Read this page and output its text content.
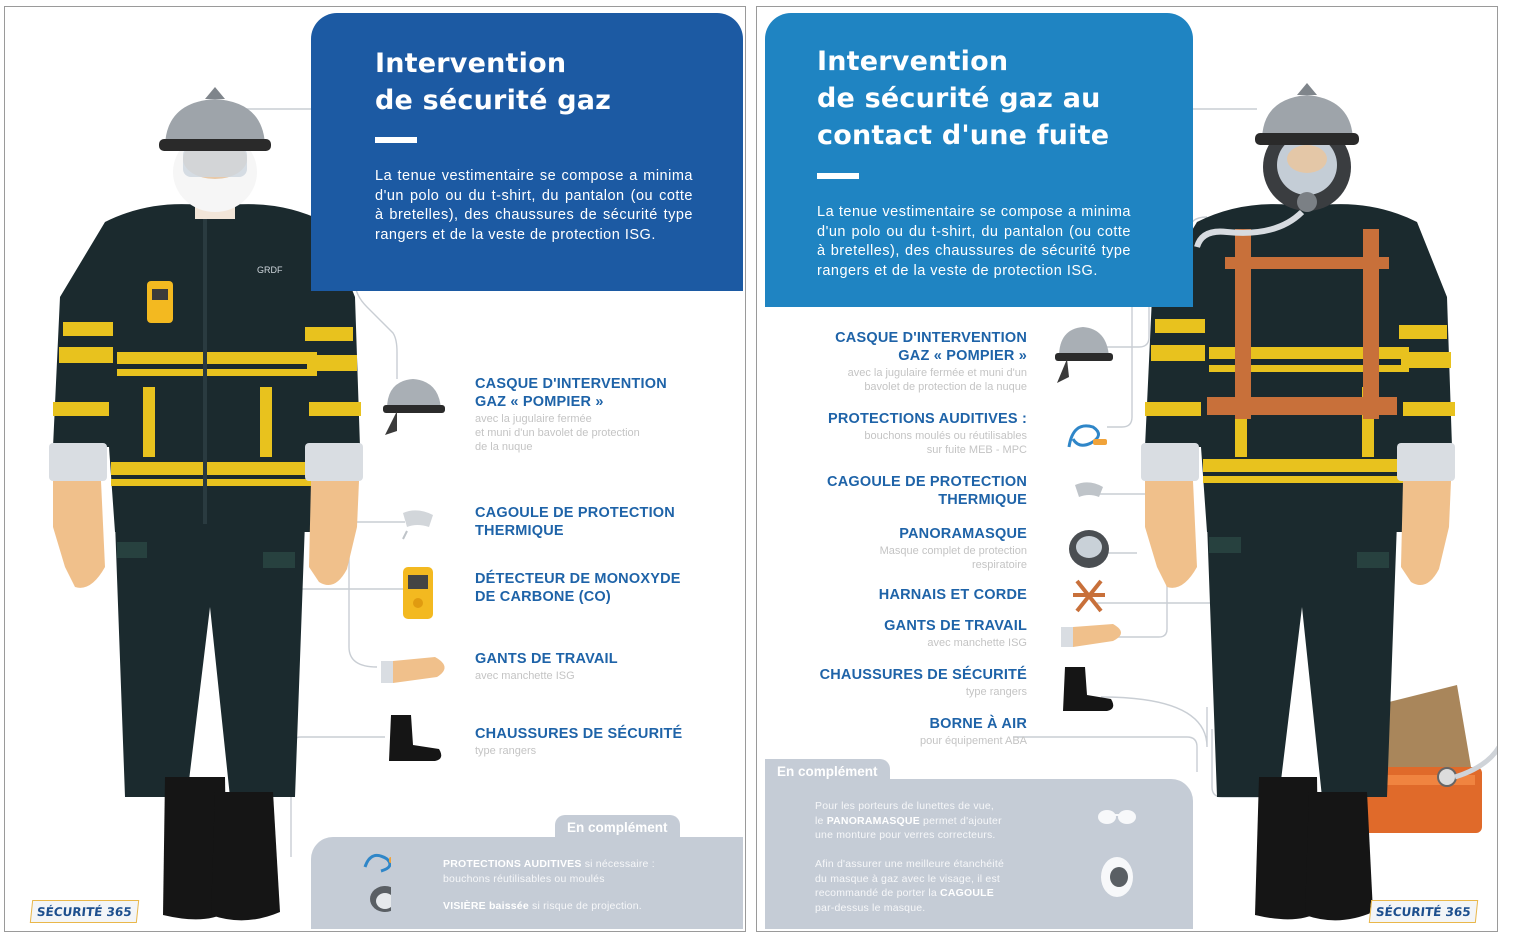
GRDF
Intervention
de sécurité gaz

La tenue vestimentaire se compose a minima d'un polo ou du t-shirt, du pantalon (ou cotte à bretelles), des chaussures de sécurité type rangers et de la veste de protection ISG.

CASQUE D'INTERVENTION
GAZ « POMPIER »
avec la jugulaire fermée
et muni d'un bavolet de protection
de la nuque
CAGOULE DE PROTECTION
THERMIQUE
DÉTECTEUR DE MONOXYDE
DE CARBONE (CO)
GANTS DE TRAVAIL
avec manchette ISG
CHAUSSURES DE SÉCURITÉ
type rangers
En complément
PROTECTIONS AUDITIVES si nécessaire :
bouchons réutilisables ou moulés
VISIÈRE baissée si risque de projection.
SÉCURITÉ 365
Intervention
de sécurité gaz au
contact d'une fuite

La tenue vestimentaire se compose a minima d'un polo ou du t-shirt, du pantalon (ou cotte à bretelles), des chaussures de sécurité type rangers et de la veste de protection ISG.

CASQUE D'INTERVENTION
GAZ « POMPIER »
avec la jugulaire fermée et muni d'un
bavolet de protection de la nuque
PROTECTIONS AUDITIVES :
bouchons moulés ou réutilisables
sur fuite MEB - MPC
CAGOULE DE PROTECTION
THERMIQUE
PANORAMASQUE
Masque complet de protection
respiratoire
HARNAIS ET CORDE
GANTS DE TRAVAIL
avec manchette ISG
CHAUSSURES DE SÉCURITÉ
type rangers
BORNE À AIR
pour équipement ABA
En complément
Pour les porteurs de lunettes de vue,
le PANORAMASQUE permet d'ajouter
une monture pour verres correcteurs.
Afin d'assurer une meilleure étanchéité
du masque à gaz avec le visage, il est
recommandé de porter la CAGOULE
par-dessus le masque.	SÉCURITÉ 365
